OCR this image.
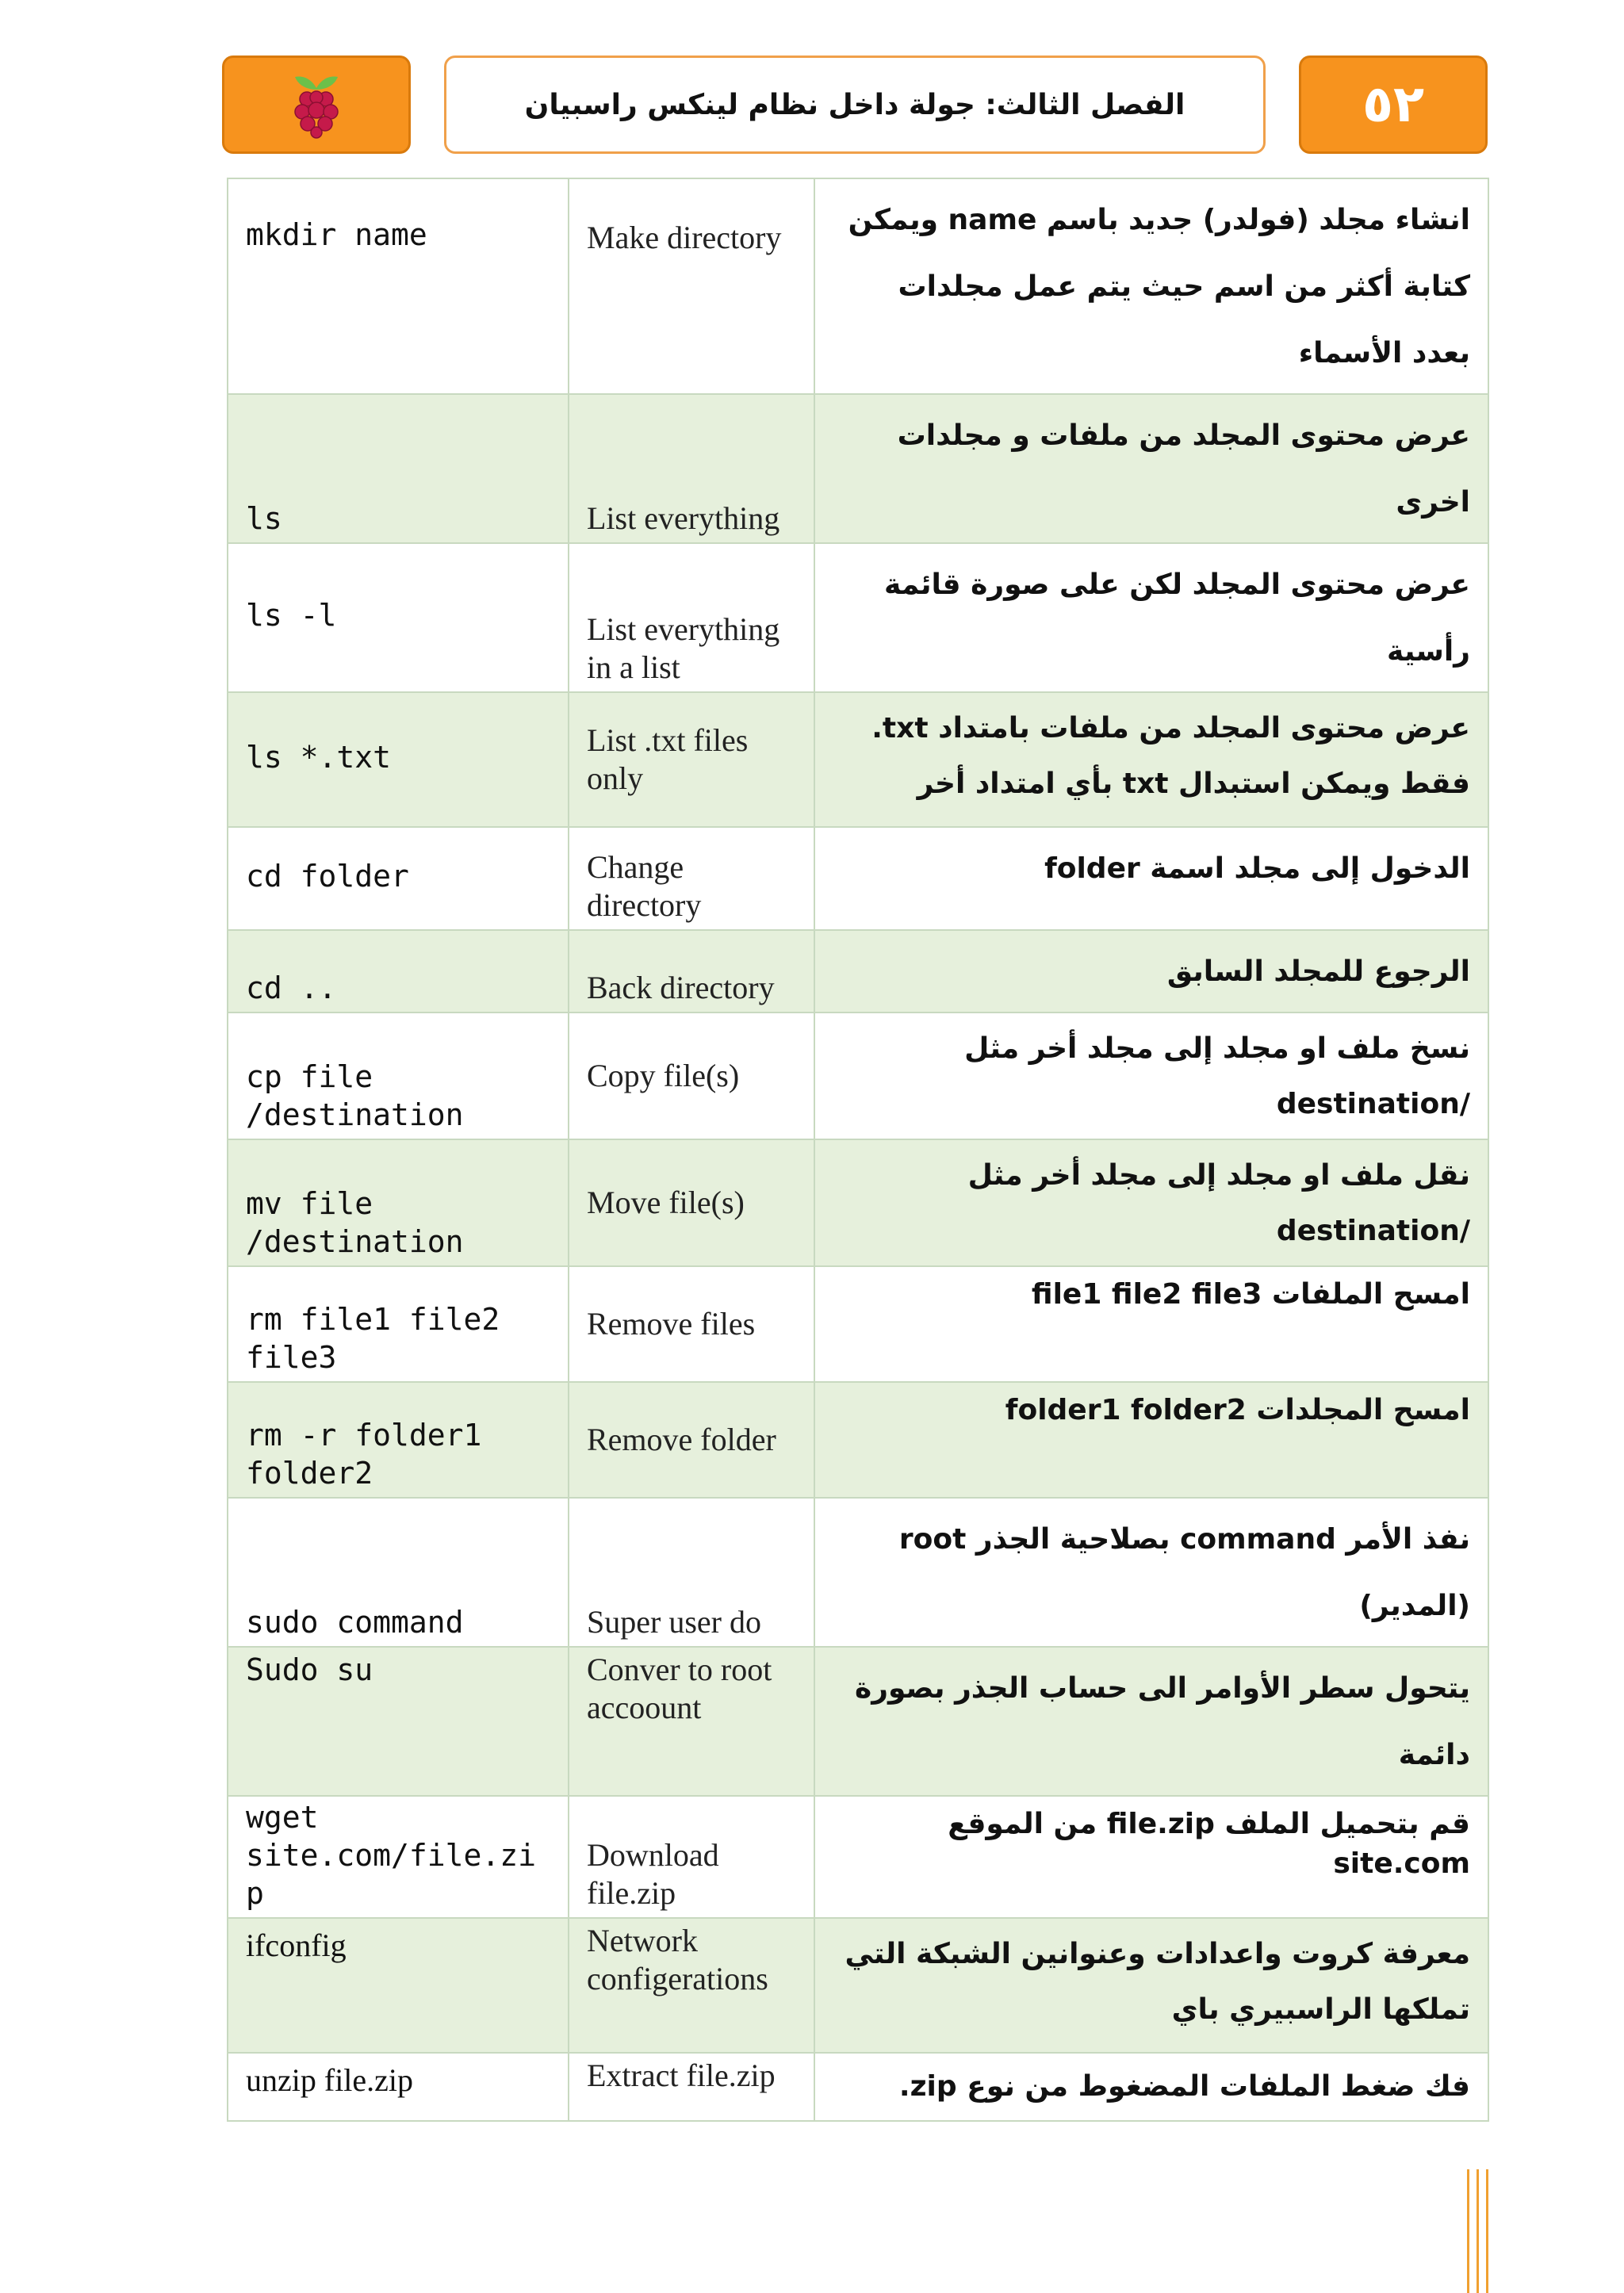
الفصل الثالث: جولة داخل نظام لينكس راسبيان	٥٢
mkdir name	Make directory	انشاء مجلد (فولدر) جديد باسم name ويمكن كتابة أكثر من اسم حيث يتم عمل مجلدات بعدد الأسماء
ls	List everything	عرض محتوى المجلد من ملفات و مجلدات اخرى
ls -l	List everything in a list	عرض محتوى المجلد لكن على صورة قائمة رأسية
ls *.txt	List .txt files only	عرض محتوى المجلد من ملفات بامتداد txt. فقط ويمكن استبدال txt بأي امتداد أخر
cd folder	Change directory	الدخول إلى مجلد اسمة folder
cd ..	Back directory	الرجوع للمجلد السابق
cp file /destination	Copy file(s)	نسخ ملف او مجلد إلى مجلد أخر مثل /destination
mv file /destination	Move file(s)	نقل ملف او مجلد إلى مجلد أخر مثل /destination
rm file1 file2 file3	Remove files	امسح الملفات file1 file2 file3
rm -r folder1 folder2	Remove folder	امسح المجلدات folder1 folder2
sudo command	Super user do	نفذ الأمر command بصلاحية الجذر root (المدير)
Sudo su	Conver to root accoount	يتحول سطر الأوامر الى حساب الجذر بصورة دائمة
wget site.com/file.zip	Download file.zip	قم بتحميل الملف file.zip من الموقع site.com
ifconfig	Network configerations	معرفة كروت واعدادات وعنوانين الشبكة التي تملكها الراسبيري باي
unzip file.zip	Extract file.zip	فك ضغط الملفات المضغوط من نوع zip.
